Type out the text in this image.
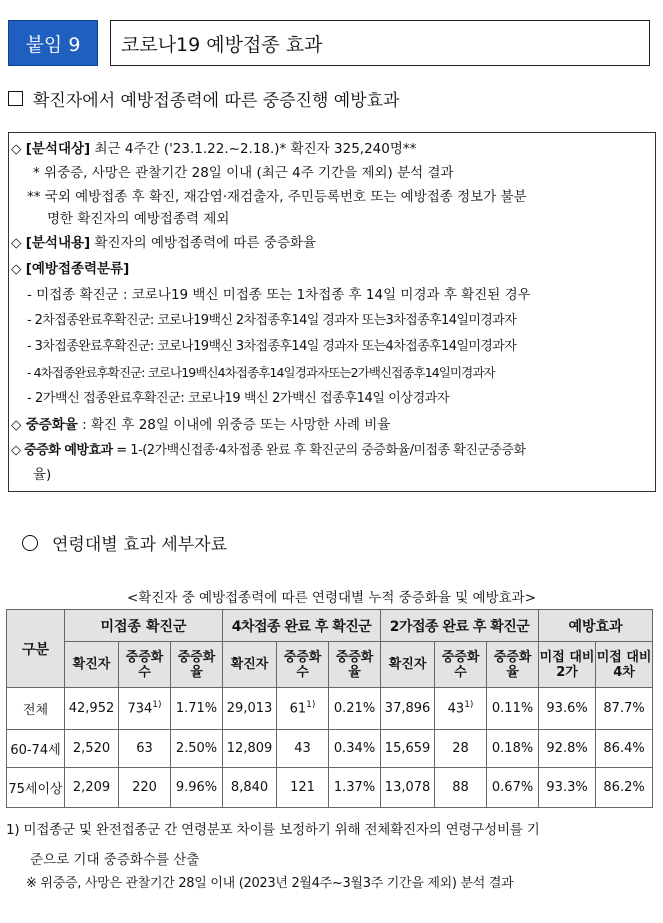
붙임 9	코로나19 예방접종 효과
확진자에서 예방접종력에 따른 중증진행 예방효과
◇ [분석대상] 최근 4주간 ('23.1.22.~2.18.)* 확진자 325,240명**
* 위중증, 사망은 관찰기간 28일 이내 (최근 4주 기간을 제외) 분석 결과
** 국외 예방접종 후 확진, 재감염·재검출자, 주민등록번호 또는 예방접종 정보가 불분
명한 확진자의 예방접종력 제외
◇ [분석내용] 확진자의 예방접종력에 따른 중증화율
◇ [예방접종력분류]
- 미접종 확진군 : 코로나19 백신 미접종 또는 1차접종 후 14일 미경과 후 확진된 경우
- 2차접종완료후확진군: 코로나19백신 2차접종후14일 경과자 또는3차접종후14일미경과자
- 3차접종완료후확진군: 코로나19백신 3차접종후14일 경과자 또는4차접종후14일미경과자
- 4차접종완료후확진군: 코로나19백신4차접종후14일경과자또는2가백신접종후14일미경과자
- 2가백신 접종완료후확진군: 코로나19 백신 2가백신 접종후14일 이상경과자
◇ 중증화율 : 확진 후 28일 이내에 위중증 또는 사망한 사례 비율
◇ 중증화 예방효과 = 1-(2가백신접종·4차접종 완료 후 확진군의 중증화율/미접종 확진군중증화
율)
연령대별 효과 세부자료
<확진자 중 예방접종력에 따른 연령대별 누적 중증화율 및 예방효과>
구분	미접종 확진군			4차접종 완료 후 확진군			2가접종 완료 후 확진군			예방효과	
	확진자	중증화 수	중증화 율	확진자	중증화 수	중증화 율	확진자	중증화 수	중증화 율	미접 대비 2가	미접 대비 4차
전체	42,952	734$^{1)}$	1.71%	29,013	61$^{1)}$	0.21%	37,896	43$^{1)}$	0.11%	93.6%	87.7%
60-74세	2,520	63	2.50%	12,809	43	0.34%	15,659	28	0.18%	92.8%	86.4%
75세이상	2,209	220	9.96%	8,840	121	1.37%	13,078	88	0.67%	93.3%	86.2%
1) 미접종군 및 완전접종군 간 연령분포 차이를 보정하기 위해 전체확진자의 연령구성비를 기
준으로 기대 중증화수를 산출
※ 위중증, 사망은 관찰기간 28일 이내 (2023년 2월4주~3월3주 기간을 제외) 분석 결과
